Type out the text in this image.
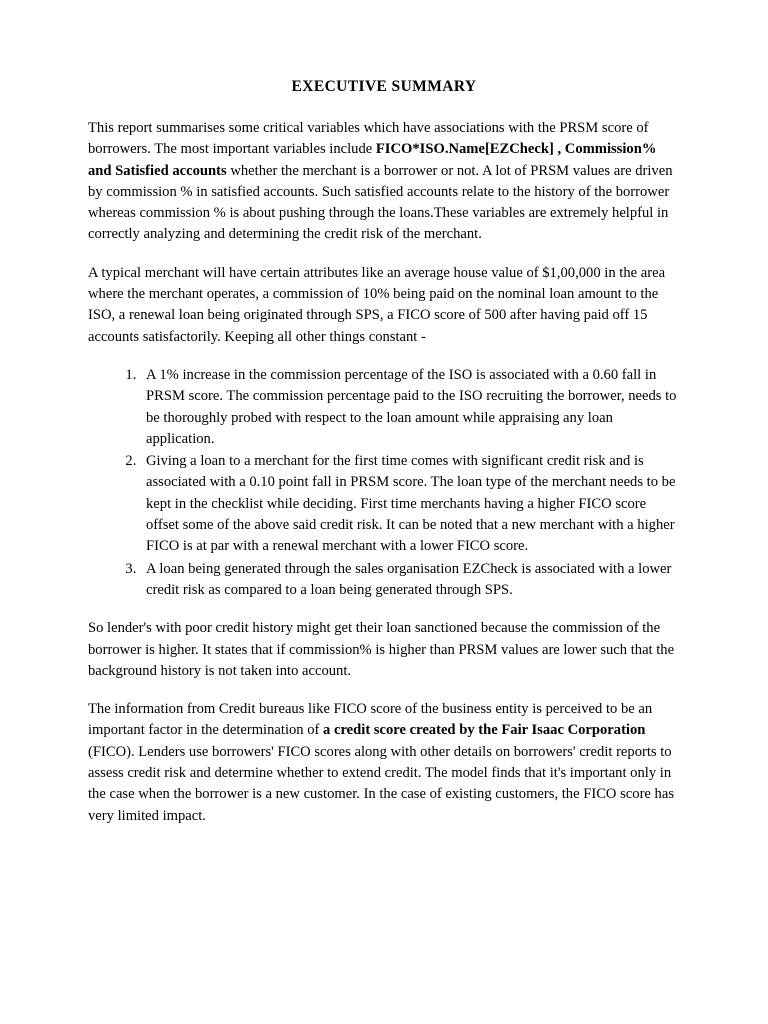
EXECUTIVE SUMMARY

This report summarises some critical variables which have associations with the PRSM score of borrowers. The most important variables include FICO*ISO.Name[EZCheck] , Commission% and Satisfied accounts whether the merchant is a borrower or not. A lot of PRSM values are driven by commission % in satisfied accounts. Such satisfied accounts relate to the history of the borrower whereas commission % is about pushing through the loans.These variables are extremely helpful in correctly analyzing and determining the credit risk of the merchant.

A typical merchant will have certain attributes like an average house value of $1,00,000 in the area where the merchant operates, a commission of 10% being paid on the nominal loan amount to the ISO, a renewal loan being originated through SPS, a FICO score of 500 after having paid off 15 accounts satisfactorily. Keeping all other things constant -

1. A 1% increase in the commission percentage of the ISO is associated with a 0.60 fall in PRSM score. The commission percentage paid to the ISO recruiting the borrower, needs to be thoroughly probed with respect to the loan amount while appraising any loan application.
2. Giving a loan to a merchant for the first time comes with significant credit risk and is associated with a 0.10 point fall in PRSM score. The loan type of the merchant needs to be kept in the checklist while deciding. First time merchants having a higher FICO score offset some of the above said credit risk. It can be noted that a new merchant with a higher FICO is at par with a renewal merchant with a lower FICO score.
3. A loan being generated through the sales organisation EZCheck is associated with a lower credit risk as compared to a loan being generated through SPS.

So lender's with poor credit history might get their loan sanctioned because the commission of the borrower is higher. It states that if commission% is higher than PRSM values are lower such that the background history is not taken into account.

The information from Credit bureaus like FICO score of the business entity is perceived to be an important factor in the determination of a credit score created by the Fair Isaac Corporation (FICO). Lenders use borrowers' FICO scores along with other details on borrowers' credit reports to assess credit risk and determine whether to extend credit. The model finds that it's important only in the case when the borrower is a new customer. In the case of existing customers, the FICO score has very limited impact.
